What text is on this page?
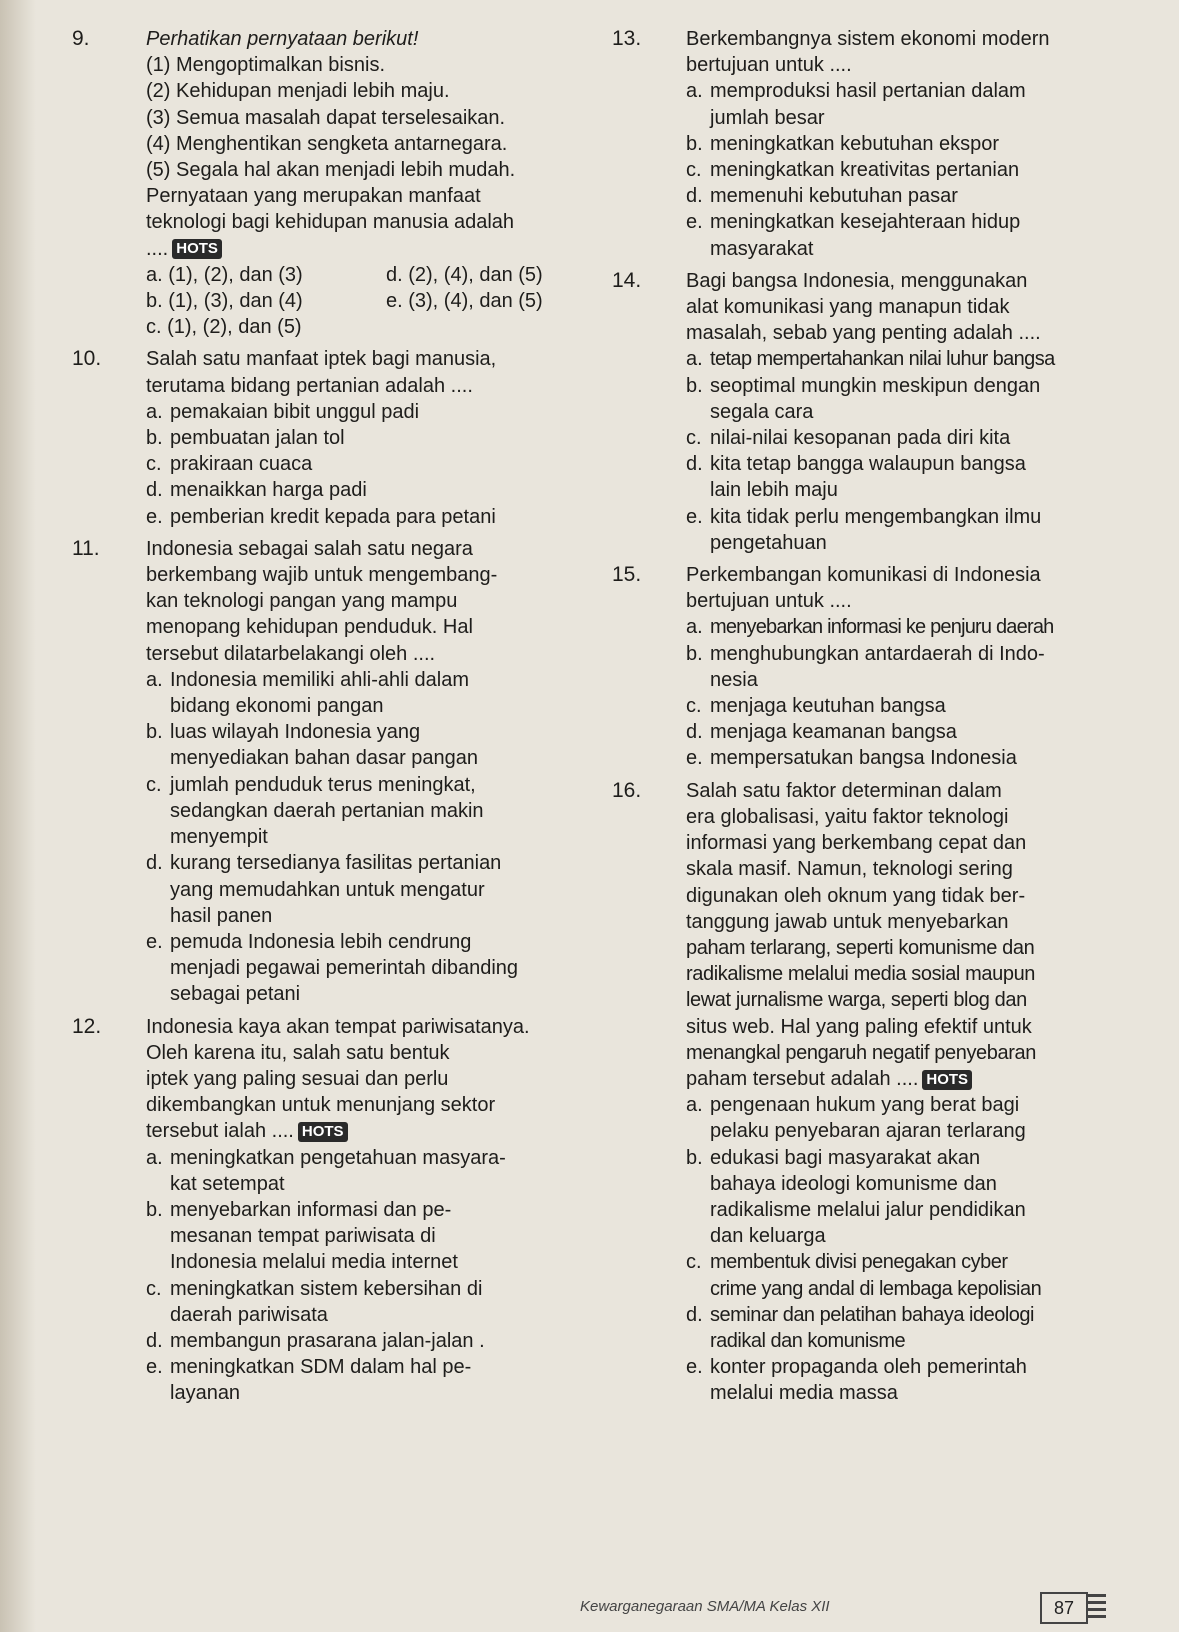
9.	Perhatikan pernyataan berikut!
(1) Mengoptimalkan bisnis.
(2) Kehidupan menjadi lebih maju.
(3) Semua masalah dapat terselesaikan.
(4) Menghentikan sengketa antarnegara.
(5) Segala hal akan menjadi lebih mudah.
Pernyataan yang merupakan manfaat
teknologi bagi kehidupan manusia adalah
.... HOTS
a. (1), (2), dan (3)	d. (2), (4), dan (5)
b. (1), (3), dan (4)	e. (3), (4), dan (5)
c. (1), (2), dan (5)
10.	Salah satu manfaat iptek bagi manusia,
terutama bidang pertanian adalah ....
a. pemakaian bibit unggul padi
b. pembuatan jalan tol
c. prakiraan cuaca
d. menaikkan harga padi
e. pemberian kredit kepada para petani
11.	Indonesia sebagai salah satu negara
berkembang wajib untuk mengembang-
kan teknologi pangan yang mampu
menopang kehidupan penduduk. Hal
tersebut dilatarbelakangi oleh ....
a. Indonesia memiliki ahli-ahli dalam
bidang ekonomi pangan
b. luas wilayah Indonesia yang
menyediakan bahan dasar pangan
c. jumlah penduduk terus meningkat,
sedangkan daerah pertanian makin
menyempit
d. kurang tersedianya fasilitas pertanian
yang memudahkan untuk mengatur
hasil panen
e. pemuda Indonesia lebih cendrung
menjadi pegawai pemerintah dibanding
sebagai petani
12.	Indonesia kaya akan tempat pariwisatanya.
Oleh karena itu, salah satu bentuk
iptek yang paling sesuai dan perlu
dikembangkan untuk menunjang sektor
tersebut ialah .... HOTS
a. meningkatkan pengetahuan masyara-
kat setempat
b. menyebarkan informasi dan pe-
mesanan tempat pariwisata di
Indonesia melalui media internet
c. meningkatkan sistem kebersihan di
daerah pariwisata
d. membangun prasarana jalan-jalan .
e. meningkatkan SDM dalam hal pe-
layanan
13.	Berkembangnya sistem ekonomi modern
bertujuan untuk ....
a. memproduksi hasil pertanian dalam
jumlah besar
b. meningkatkan kebutuhan ekspor
c. meningkatkan kreativitas pertanian
d. memenuhi kebutuhan pasar
e. meningkatkan kesejahteraan hidup
masyarakat
14.	Bagi bangsa Indonesia, menggunakan
alat komunikasi yang manapun tidak
masalah, sebab yang penting adalah ....
a. tetap mempertahankan nilai luhur bangsa
b. seoptimal mungkin meskipun dengan
segala cara
c. nilai-nilai kesopanan pada diri kita
d. kita tetap bangga walaupun bangsa
lain lebih maju
e. kita tidak perlu mengembangkan ilmu
pengetahuan
15.	Perkembangan komunikasi di Indonesia
bertujuan untuk ....
a. menyebarkan informasi ke penjuru daerah
b. menghubungkan antardaerah di Indo-
nesia
c. menjaga keutuhan bangsa
d. menjaga keamanan bangsa
e. mempersatukan bangsa Indonesia
16.	Salah satu faktor determinan dalam
era globalisasi, yaitu faktor teknologi
informasi yang berkembang cepat dan
skala masif. Namun, teknologi sering
digunakan oleh oknum yang tidak ber-
tanggung jawab untuk menyebarkan
paham terlarang, seperti komunisme dan
radikalisme melalui media sosial maupun
lewat jurnalisme warga, seperti blog dan
situs web. Hal yang paling efektif untuk
menangkal pengaruh negatif penyebaran
paham tersebut adalah .... HOTS
a. pengenaan hukum yang berat bagi
pelaku penyebaran ajaran terlarang
b. edukasi bagi masyarakat akan
bahaya ideologi komunisme dan
radikalisme melalui jalur pendidikan
dan keluarga
c. membentuk divisi penegakan cyber
crime yang andal di lembaga kepolisian
d. seminar dan pelatihan bahaya ideologi
radikal dan komunisme
e. konter propaganda oleh pemerintah
melalui media massa
Kewarganegaraan SMA/MA Kelas XII	87
